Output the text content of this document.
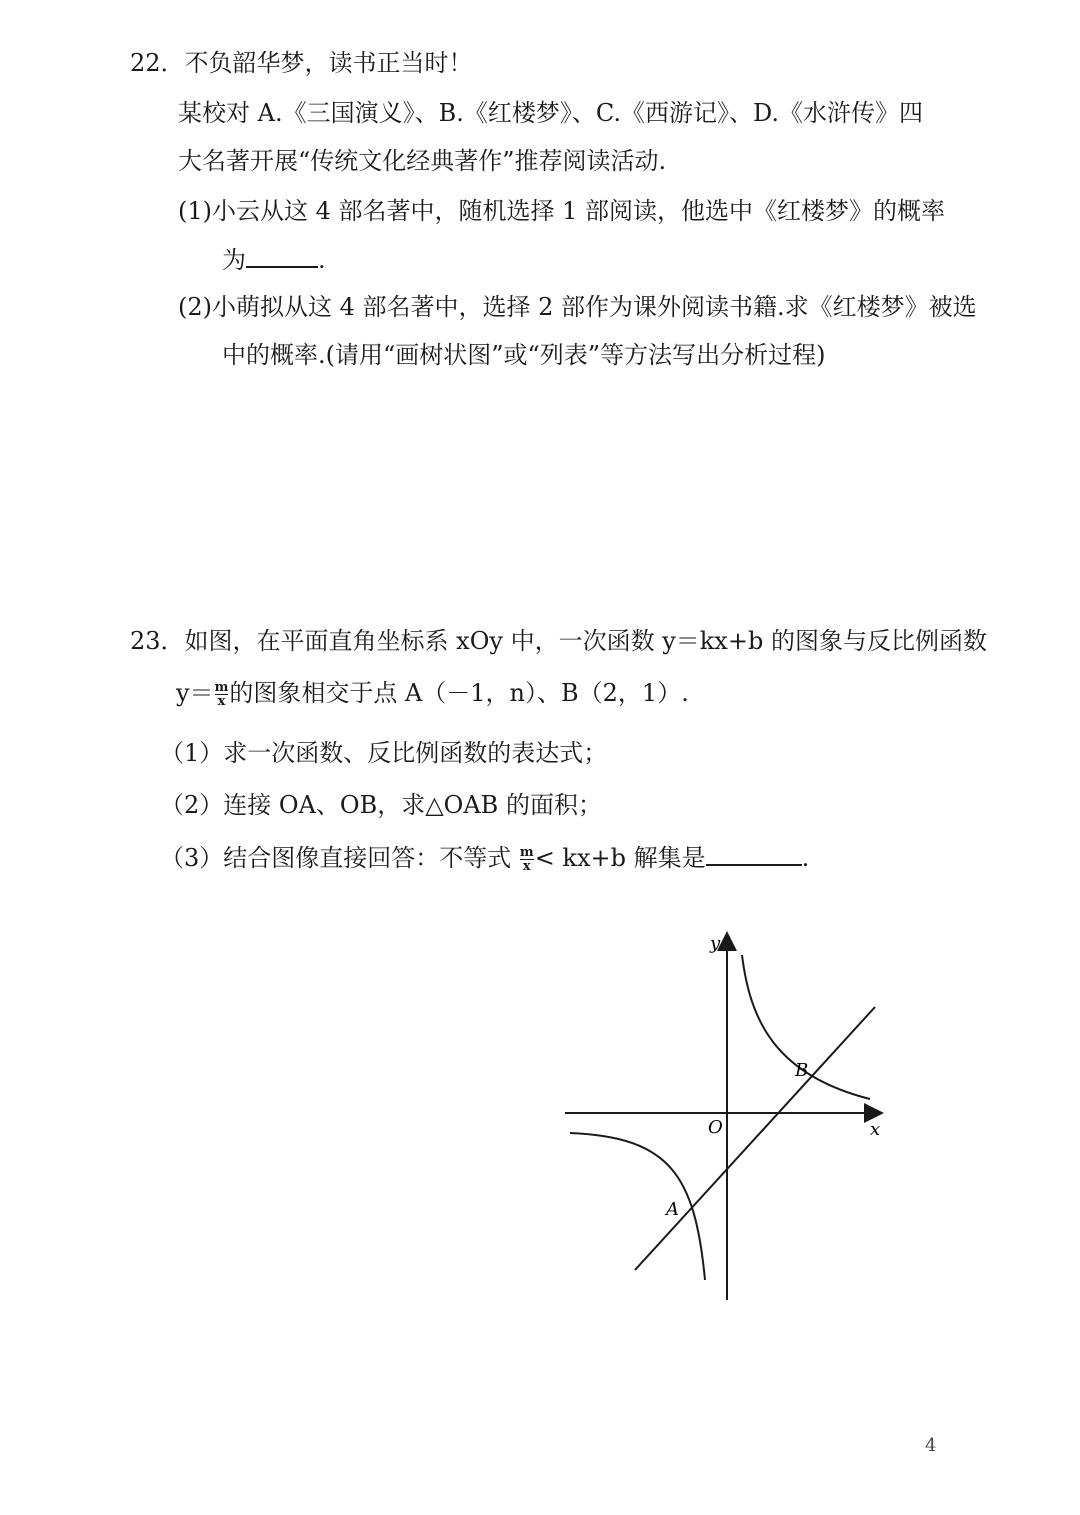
22．不负韶华梦，读书正当时！
某校对 A.《三国演义》、B.《红楼梦》、C.《西游记》、D.《水浒传》四
大名著开展“传统文化经典著作”推荐阅读活动.
(1)小云从这 4 部名著中，随机选择 1 部阅读，他选中《红楼梦》的概率
为	.
(2)小萌拟从这 4 部名著中，选择 2 部作为课外阅读书籍.求《红楼梦》被选
中的概率.(请用“画树状图”或“列表”等方法写出分析过程)
23．如图，在平面直角坐标系 xOy 中，一次函数 y＝kx+b 的图象与反比例函数
$y= \frac{m}{x}$ 的图象相交于点 A（－1，n）、B（2，1）.
（1）求一次函数、反比例函数的表达式；
（2）连接 OA、OB，求△OAB 的面积；
（3）结合图像直接回答：不等式 $\frac{m}{x} < kx+b$ 解集是	.
y
x
O
A
B
4
